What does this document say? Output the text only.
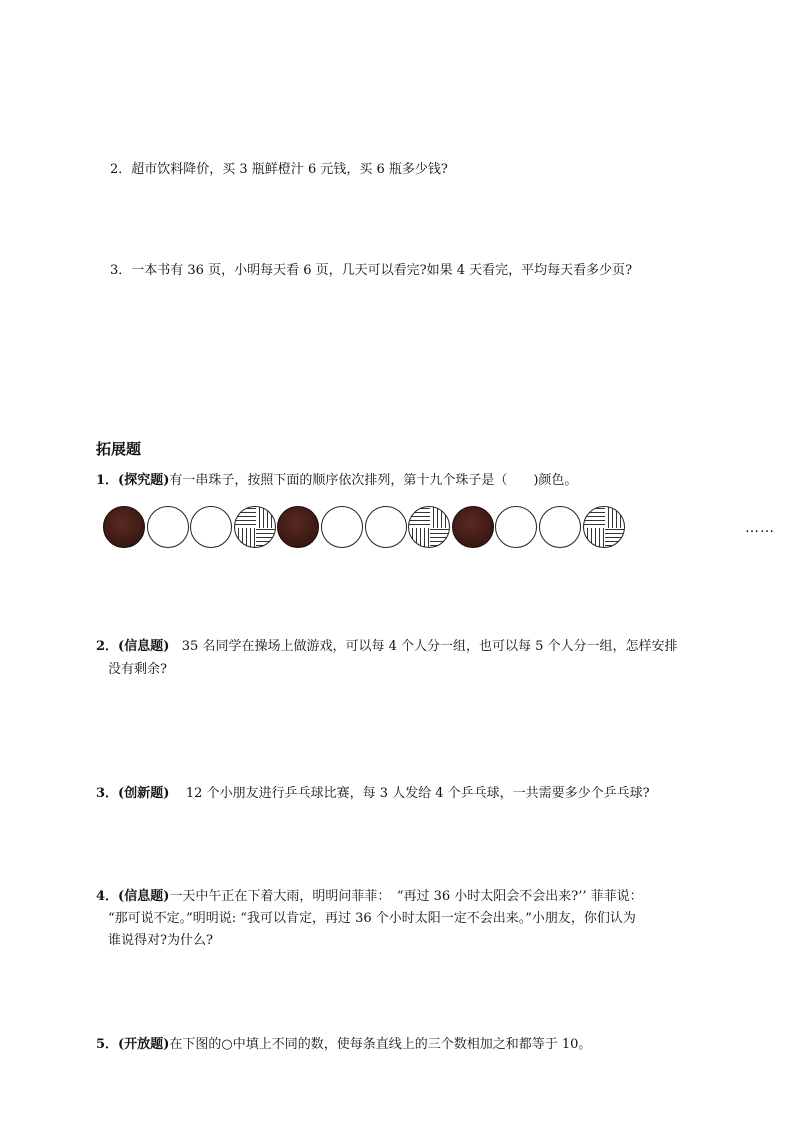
2．超市饮料降价，买 3 瓶鲜橙汁 6 元钱，买 6 瓶多少钱?
3．一本书有 36 页，小明每天看 6 页，几天可以看完?如果 4 天看完，平均每天看多少页?
拓展题
1．(探究题)有一串珠子，按照下面的顺序依次排列，第十九个珠子是（　　)颜色。
……
2．(信息题) 35 名同学在操场上做游戏，可以每 4 个人分一组，也可以每 5 个人分一组，怎样安排
没有剩余?
3．(创新题) 12 个小朋友进行乒乓球比赛，每 3 人发给 4 个乒乓球，一共需要多少个乒乓球?
4．(信息题)一天中午正在下着大雨，明明问菲菲：　“再过 36 小时太阳会不会出来?’’ 菲菲说：
“那可说不定。”明明说: “我可以肯定，再过 36 个小时太阳一定不会出来。”小朋友，你们认为
谁说得对?为什么?
5．(开放题)在下图的○中填上不同的数，使每条直线上的三个数相加之和都等于 10。
